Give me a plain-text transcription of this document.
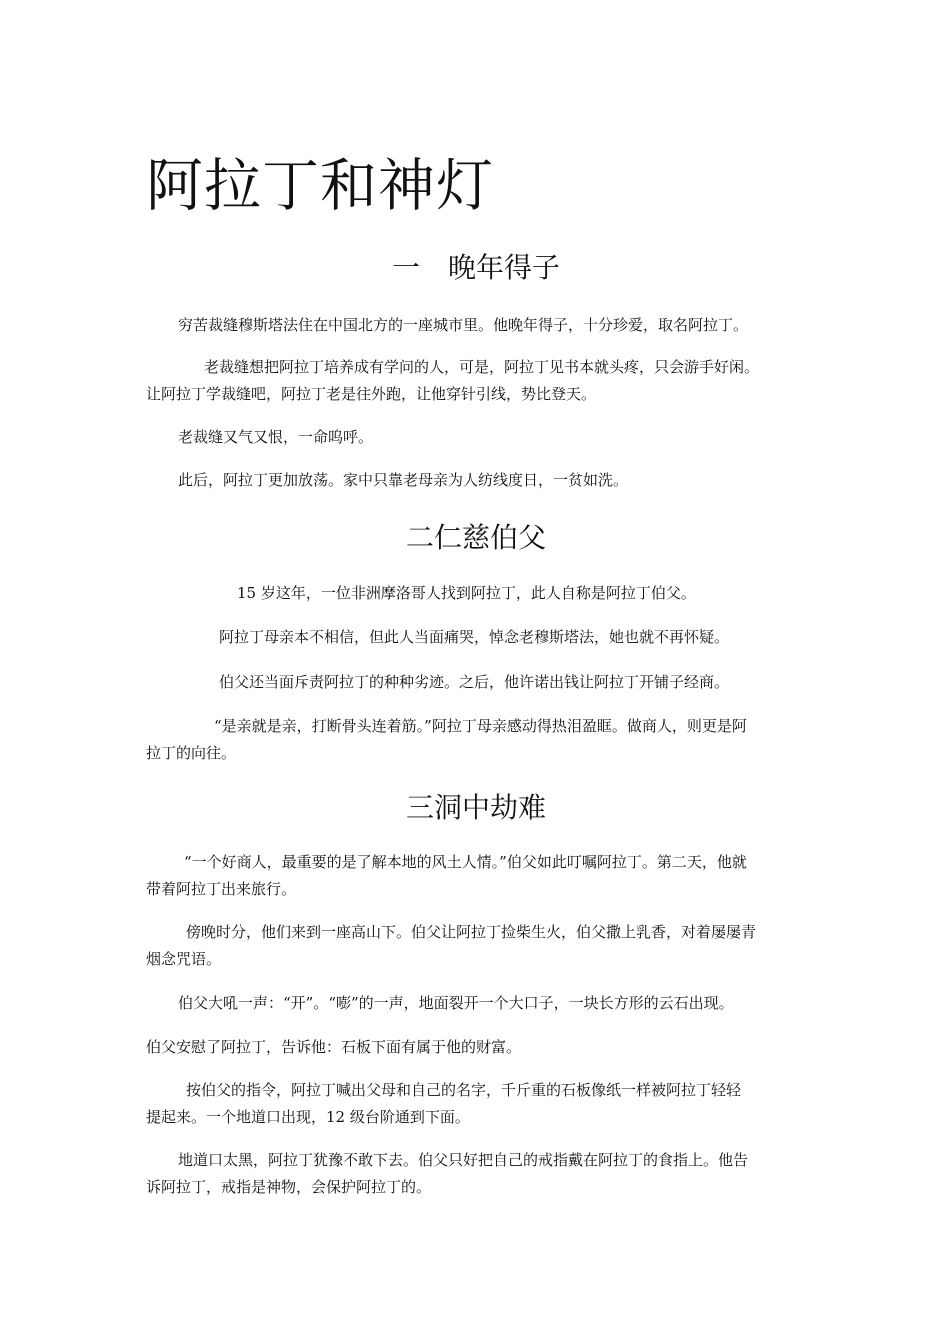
阿拉丁和神灯
一　晚年得子

穷苦裁缝穆斯塔法住在中国北方的一座城市里。他晚年得子，十分珍爱，取名阿拉丁。

老裁缝想把阿拉丁培养成有学问的人，可是，阿拉丁见书本就头疼，只会游手好闲。
让阿拉丁学裁缝吧，阿拉丁老是往外跑，让他穿针引线，势比登天。

老裁缝又气又恨，一命呜呼。

此后，阿拉丁更加放荡。家中只靠老母亲为人纺线度日，一贫如洗。

二仁慈伯父

15 岁这年，一位非洲摩洛哥人找到阿拉丁，此人自称是阿拉丁伯父。

阿拉丁母亲本不相信，但此人当面痛哭，悼念老穆斯塔法，她也就不再怀疑。

伯父还当面斥责阿拉丁的种种劣迹。之后，他许诺出钱让阿拉丁开铺子经商。

“是亲就是亲，打断骨头连着筋。”阿拉丁母亲感动得热泪盈眶。做商人，则更是阿
拉丁的向往。

三洞中劫难

“一个好商人，最重要的是了解本地的风土人情。”伯父如此叮嘱阿拉丁。第二天，他就
带着阿拉丁出来旅行。

傍晚时分，他们来到一座高山下。伯父让阿拉丁捡柴生火，伯父撒上乳香，对着屡屡青
烟念咒语。

伯父大吼一声：“开”。“嘭”的一声，地面裂开一个大口子，一块长方形的云石出现。

伯父安慰了阿拉丁，告诉他：石板下面有属于他的财富。

按伯父的指令，阿拉丁喊出父母和自己的名字，千斤重的石板像纸一样被阿拉丁轻轻
提起来。一个地道口出现，12 级台阶通到下面。

地道口太黑，阿拉丁犹豫不敢下去。伯父只好把自己的戒指戴在阿拉丁的食指上。他告
诉阿拉丁，戒指是神物，会保护阿拉丁的。
